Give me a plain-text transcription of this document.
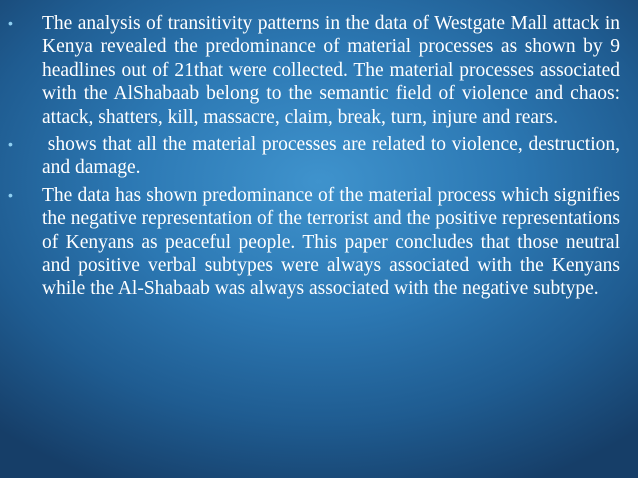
• The analysis of transitivity patterns in the data of Westgate Mall attack in Kenya revealed the predominance of material processes as shown by 9 headlines out of 21that were collected. The material processes associated with the AlShabaab belong to the semantic field of violence and chaos: attack, shatters, kill, massacre, claim, break, turn, injure and rears.
• shows that all the material processes are related to violence, destruction, and damage.
• The data has shown predominance of the material process which signifies the negative representation of the terrorist and the positive representations of Kenyans as peaceful people. This paper concludes that those neutral and positive verbal subtypes were always associated with the Kenyans while the Al-Shabaab was always associated with the negative subtype.
